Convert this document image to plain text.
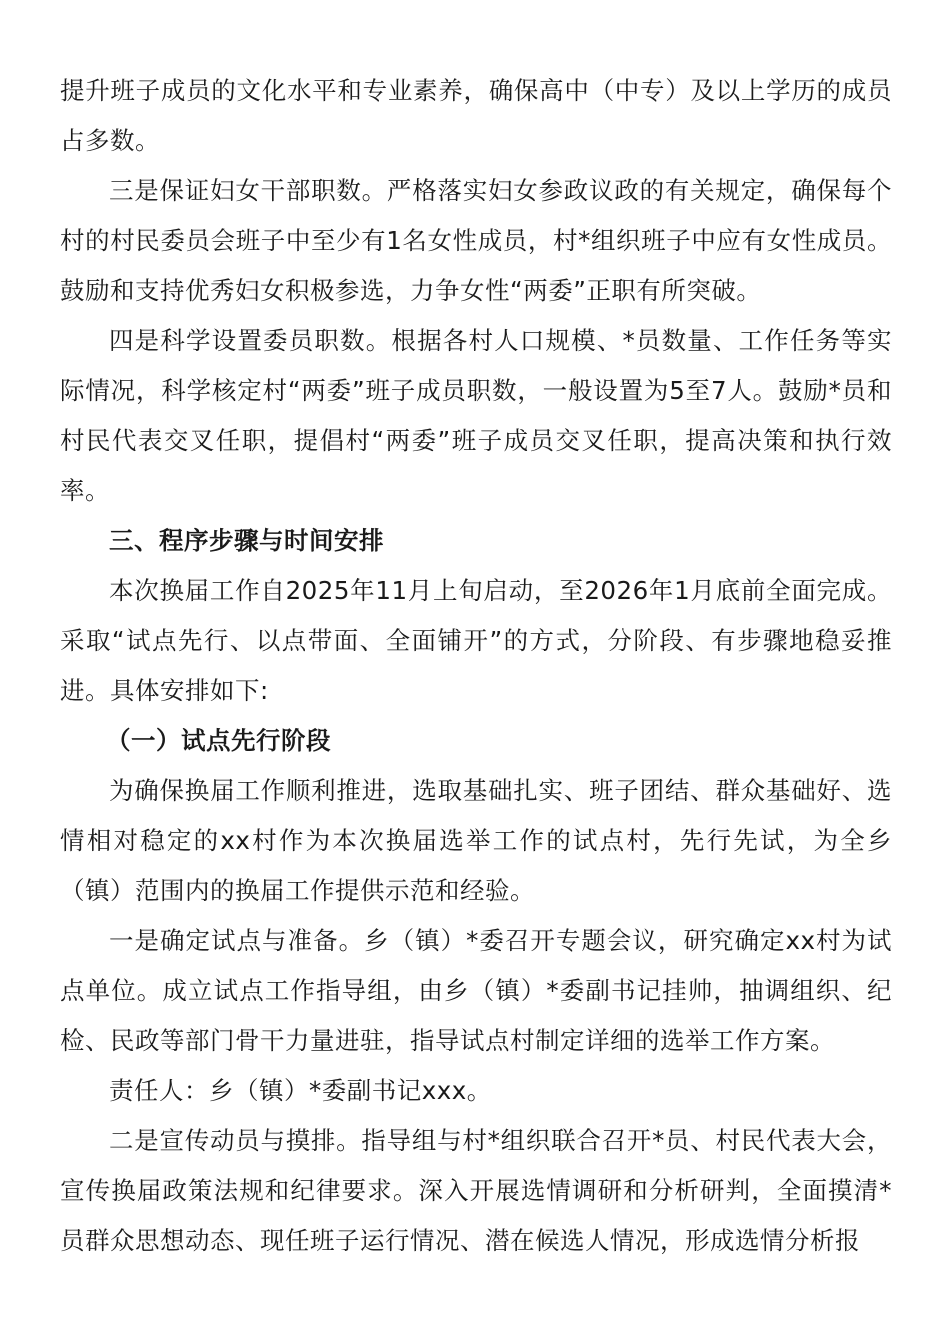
提升班子成员的文化水平和专业素养，确保高中（中专）及以上学历的成员占多数。

三是保证妇女干部职数。严格落实妇女参政议政的有关规定，确保每个村的村民委员会班子中至少有1名女性成员，村*组织班子中应有女性成员。鼓励和支持优秀妇女积极参选，力争女性“两委”正职有所突破。

四是科学设置委员职数。根据各村人口规模、*员数量、工作任务等实际情况，科学核定村“两委”班子成员职数，一般设置为5至7人。鼓励*员和村民代表交叉任职，提倡村“两委”班子成员交叉任职，提高决策和执行效率。

三、程序步骤与时间安排

本次换届工作自2025年11月上旬启动，至2026年1月底前全面完成。采取“试点先行、以点带面、全面铺开”的方式，分阶段、有步骤地稳妥推进。具体安排如下:

（一）试点先行阶段

为确保换届工作顺利推进，选取基础扎实、班子团结、群众基础好、选情相对稳定的xx村作为本次换届选举工作的试点村，先行先试，为全乡（镇）范围内的换届工作提供示范和经验。

一是确定试点与准备。乡（镇）*委召开专题会议，研究确定xx村为试点单位。成立试点工作指导组，由乡（镇）*委副书记挂帅，抽调组织、纪检、民政等部门骨干力量进驻，指导试点村制定详细的选举工作方案。

责任人：乡（镇）*委副书记xxx。

二是宣传动员与摸排。指导组与村*组织联合召开*员、村民代表大会，宣传换届政策法规和纪律要求。深入开展选情调研和分析研判，全面摸清*员群众思想动态、现任班子运行情况、潜在候选人情况，形成选情分析报
